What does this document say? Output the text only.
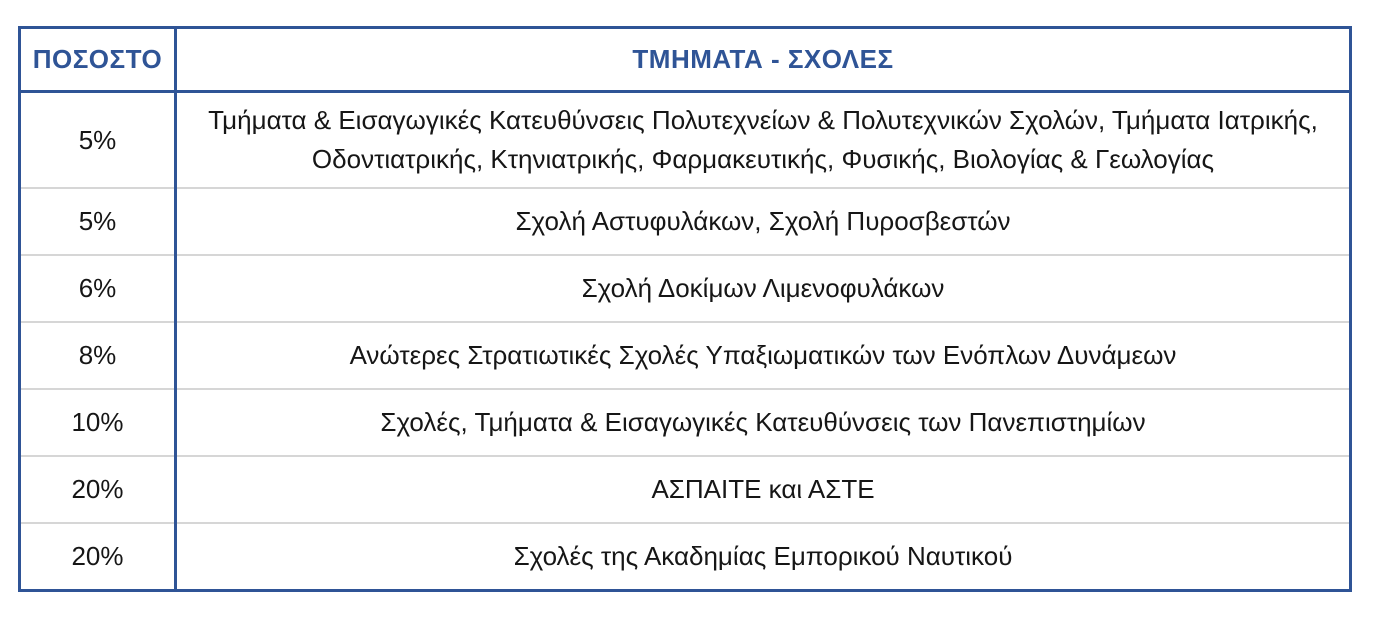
ΠΟΣΟΣΤΟ	ΤΜΗΜΑΤΑ - ΣΧΟΛΕΣ
5%	Τμήματα & Εισαγωγικές Κατευθύνσεις Πολυτεχνείων & Πολυτεχνικών Σχολών, Τμήματα Ιατρικής, Οδοντιατρικής, Κτηνιατρικής, Φαρμακευτικής, Φυσικής, Βιολογίας & Γεωλογίας
5%	Σχολή Αστυφυλάκων, Σχολή Πυροσβεστών
6%	Σχολή Δοκίμων Λιμενοφυλάκων
8%	Ανώτερες Στρατιωτικές Σχολές Υπαξιωματικών των Ενόπλων Δυνάμεων
10%	Σχολές, Τμήματα & Εισαγωγικές Κατευθύνσεις των Πανεπιστημίων
20%	ΑΣΠΑΙΤΕ και ΑΣΤΕ
20%	Σχολές της Ακαδημίας Εμπορικού Ναυτικού
